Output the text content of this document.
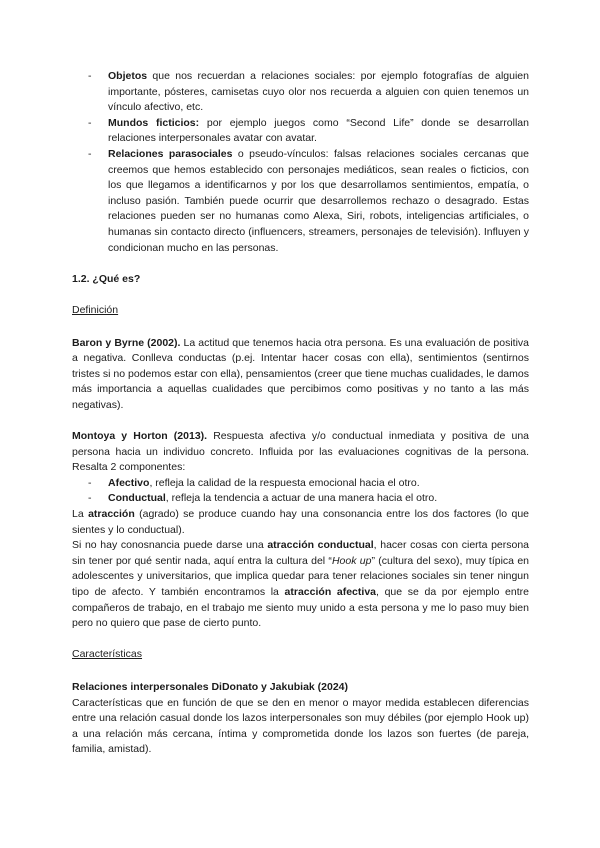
- Objetos que nos recuerdan a relaciones sociales: por ejemplo fotografías de alguien importante, pósteres, camisetas cuyo olor nos recuerda a alguien con quien tenemos un vínculo afectivo, etc.
- Mundos ficticios: por ejemplo juegos como “Second Life” donde se desarrollan relaciones interpersonales avatar con avatar.
- Relaciones parasociales o pseudo-vínculos: falsas relaciones sociales cercanas que creemos que hemos establecido con personajes mediáticos, sean reales o ficticios, con los que llegamos a identificarnos y por los que desarrollamos sentimientos, empatía, o incluso pasión. También puede ocurrir que desarrollemos rechazo o desagrado. Estas relaciones pueden ser no humanas como Alexa, Siri, robots, inteligencias artificiales, o humanas sin contacto directo (influencers, streamers, personajes de televisión). Influyen y condicionan mucho en las personas.

1.2. ¿Qué es?

Definición

Baron y Byrne (2002). La actitud que tenemos hacia otra persona. Es una evaluación de positiva a negativa. Conlleva conductas (p.ej. Intentar hacer cosas con ella), sentimientos (sentirnos tristes si no podemos estar con ella), pensamientos (creer que tiene muchas cualidades, le damos más importancia a aquellas cualidades que percibimos como positivas y no tanto a las más negativas).

Montoya y Horton (2013). Respuesta afectiva y/o conductual inmediata y positiva de una persona hacia un individuo concreto. Influida por las evaluaciones cognitivas de la persona. Resalta 2 componentes:

- Afectivo, refleja la calidad de la respuesta emocional hacia el otro.
- Conductual, refleja la tendencia a actuar de una manera hacia el otro.

La atracción (agrado) se produce cuando hay una consonancia entre los dos factores (lo que sientes y lo conductual).

Si no hay conosnancia puede darse una atracción conductual, hacer cosas con cierta persona sin tener por qué sentir nada, aquí entra la cultura del “Hook up” (cultura del sexo), muy típica en adolescentes y universitarios, que implica quedar para tener relaciones sociales sin tener ningun tipo de afecto. Y también encontramos la atracción afectiva, que se da por ejemplo entre compañeros de trabajo, en el trabajo me siento muy unido a esta persona y me lo paso muy bien pero no quiero que pase de cierto punto.

Características

Relaciones interpersonales DiDonato y Jakubiak (2024)

Características que en función de que se den en menor o mayor medida establecen diferencias entre una relación casual donde los lazos interpersonales son muy débiles (por ejemplo Hook up) a una relación más cercana, íntima y comprometida donde los lazos son fuertes (de pareja, familia, amistad).
